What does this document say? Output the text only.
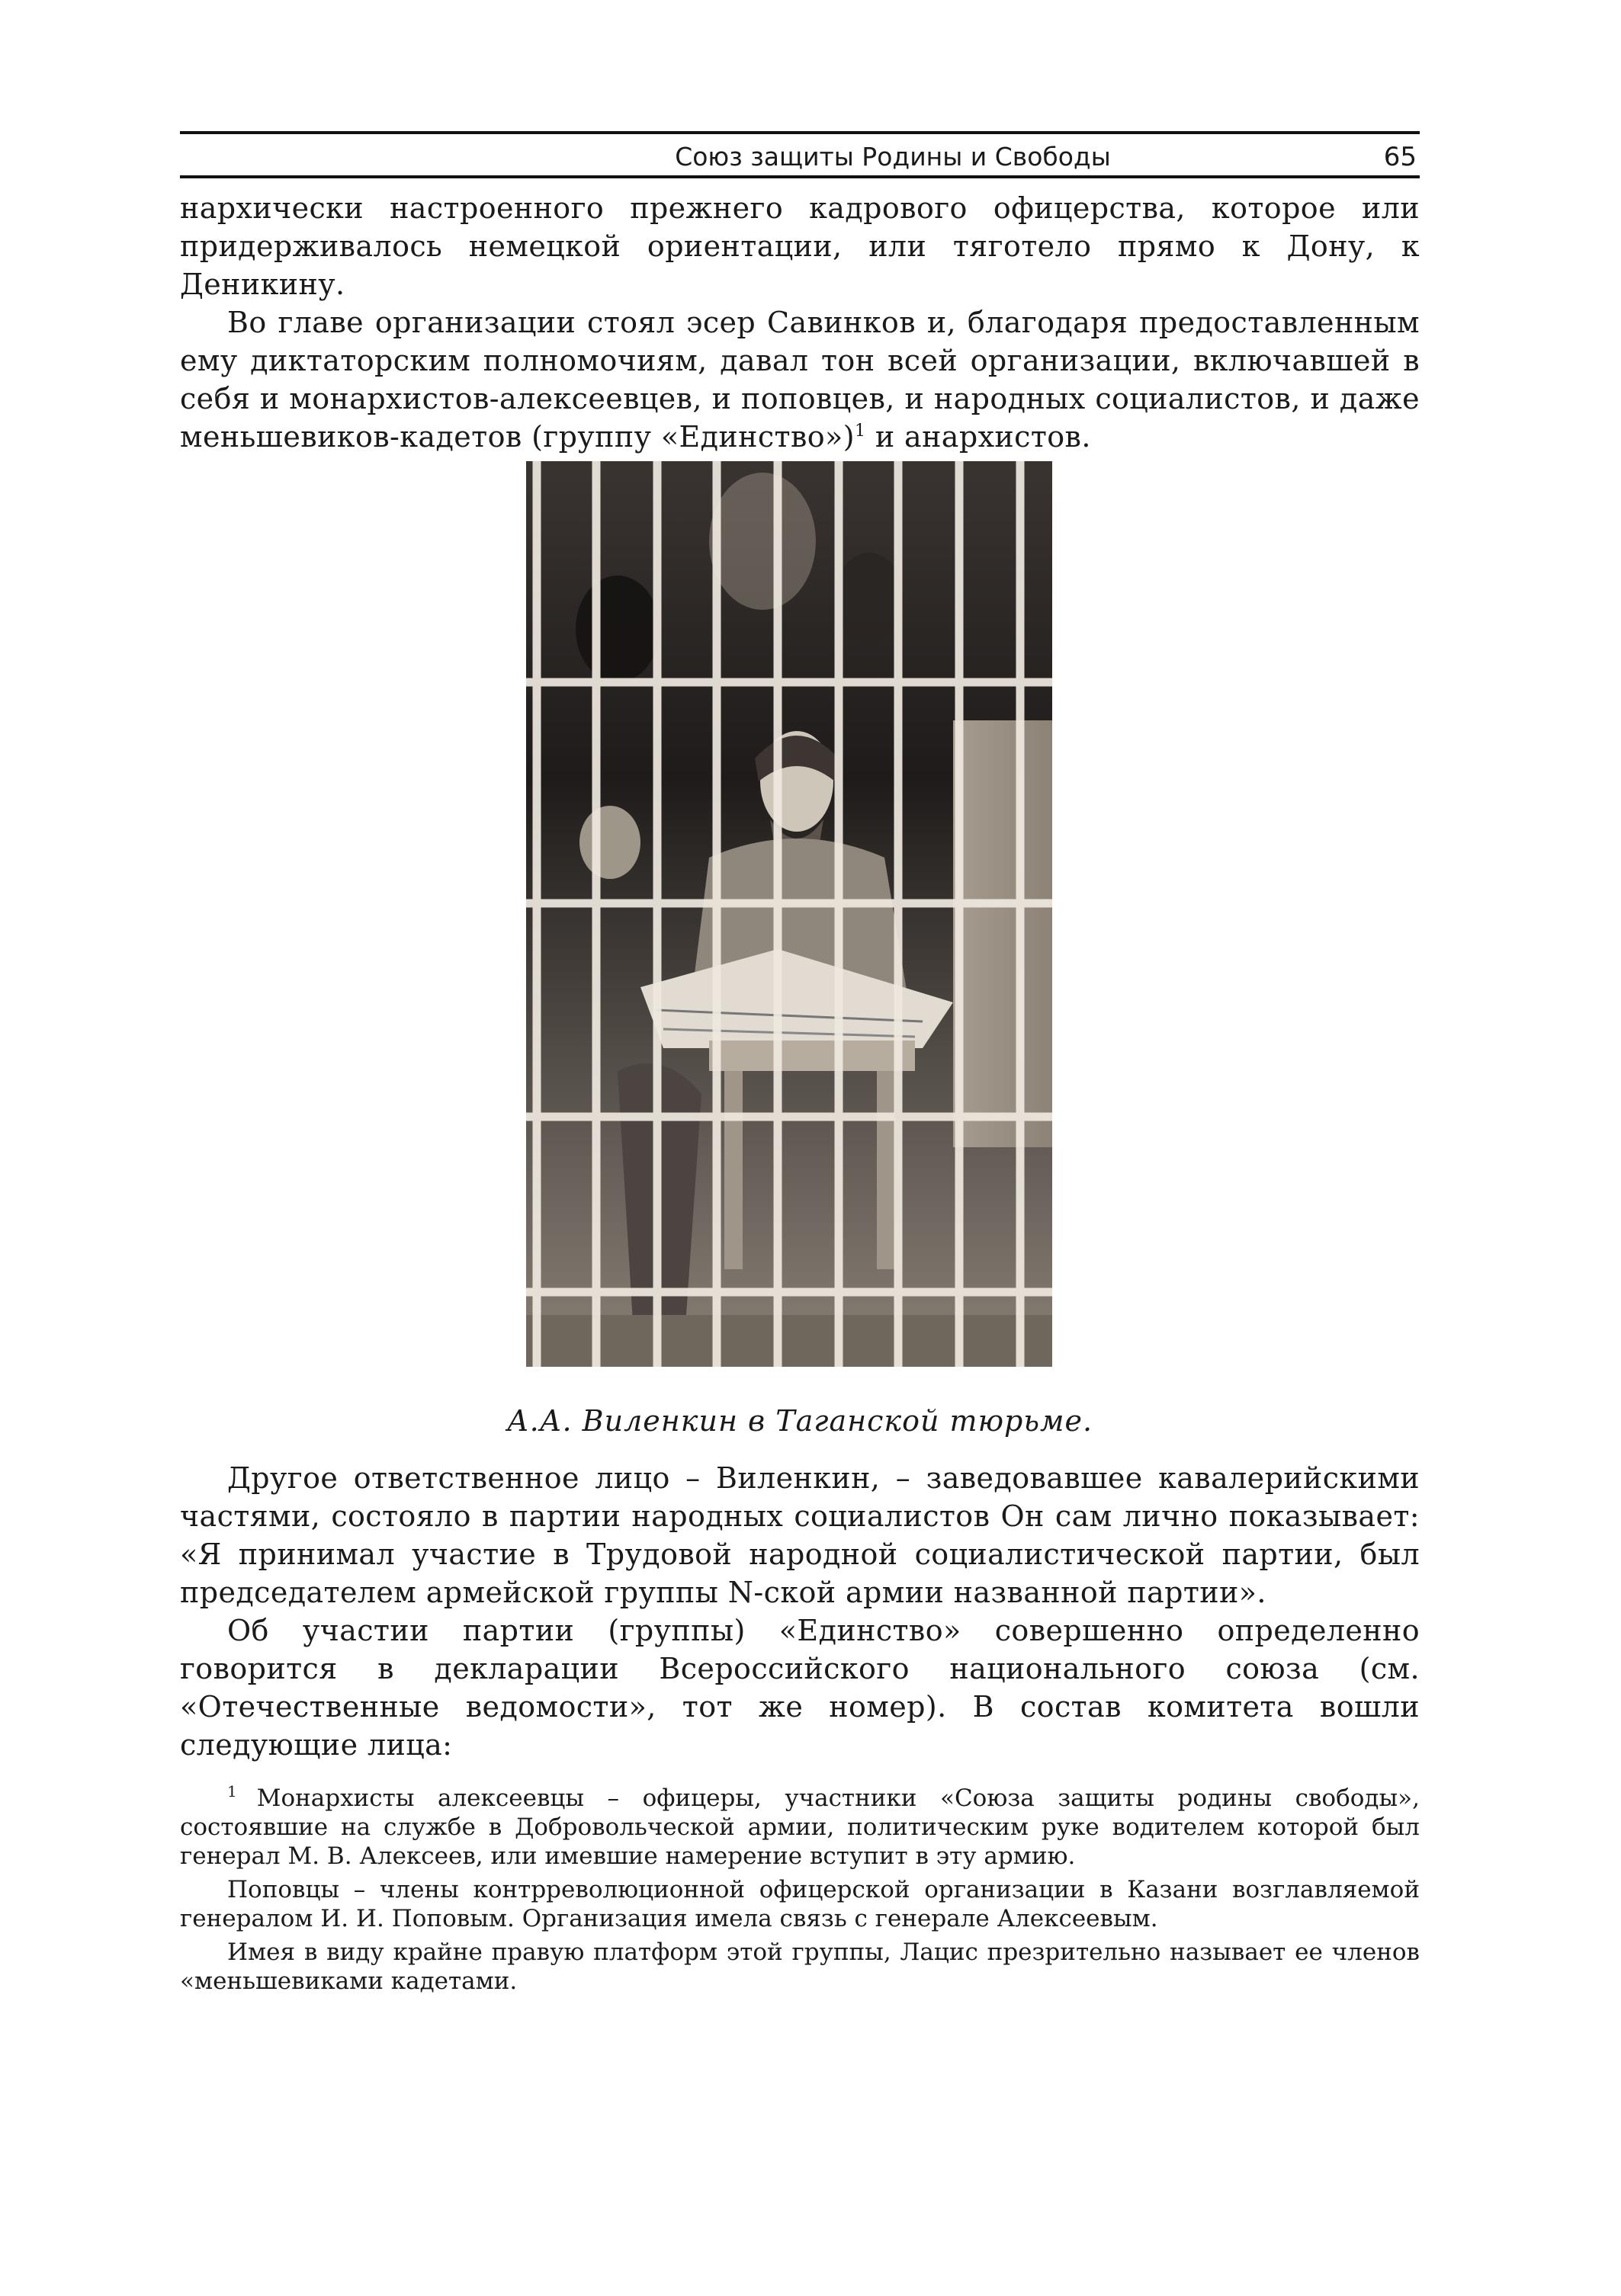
Союз защиты Родины и Свободы	65

нархически настроенного прежнего кадрового офицерства, которое или придерживалось немецкой ориентации, или тяготело прямо к Дону, к Деникину.

Во главе организации стоял эсер Савинков и, благодаря предоставленным ему диктаторским полномочиям, давал тон всей организации, включавшей в себя и монархистов-алексеевцев, и поповцев, и народных социалистов, и даже меньшевиков-кадетов (группу «Единство»)$^1$ и анархистов.

А.А. Виленкин в Таганской тюрьме.

Другое ответственное лицо – Виленкин, – заведовавшее кавалерийскими частями, состояло в партии народных социалистов Он сам лично показывает: «Я принимал участие в Трудовой народной социалистической партии, был председателем армейской группы N-ской армии названной партии».

Об участии партии (группы) «Единство» совершенно определенно говорится в декларации Всероссийского национального союза (см. «Отечественные ведомости», тот же номер). В состав комитета вошли следующие лица:

$^1$ Монархисты алексеевцы – офицеры, участники «Союза защиты родины свободы», состоявшие на службе в Добровольческой армии, политическим руке водителем которой был генерал М. В. Алексеев, или имевшие намерение вступит в эту армию.

Поповцы – члены контрреволюционной офицерской организации в Казани возглавляемой генералом И. И. Поповым. Организация имела связь с генерале Алексеевым.

Имея в виду крайне правую платформ этой группы, Лацис презрительно называет ее членов «меньшевиками кадетами.
